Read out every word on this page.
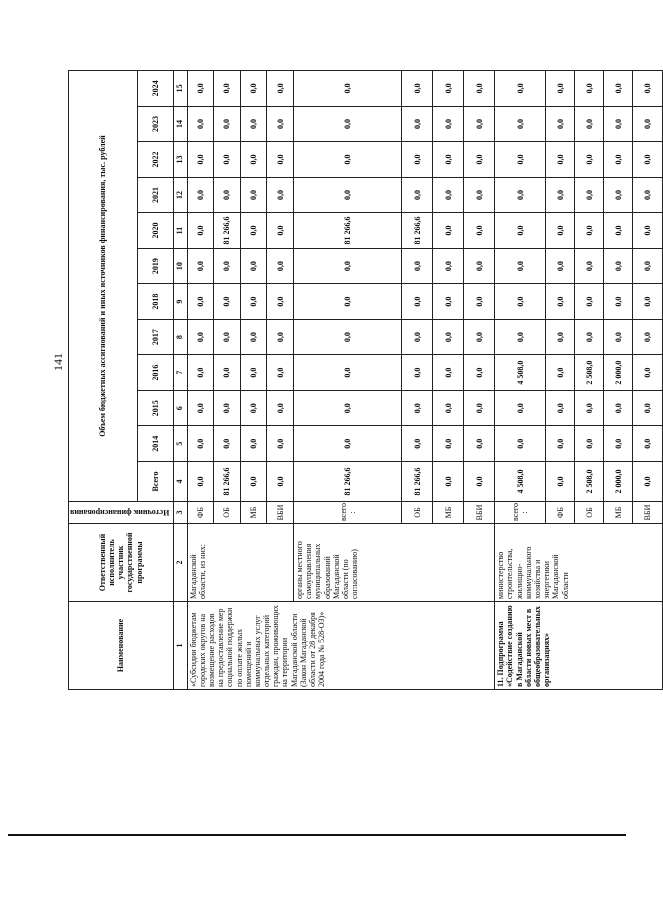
141
Наименование	Ответственный исполнитель участник государственной программы	Источник финансирования	Объем бюджетных ассигнований и иных источников финансирования, тыс. рублей											
			Всего	2014	2015	2016	2017	2018	2019	2020	2021	2022	2023	2024
1	2	3	4	5	6	7	8	9	10	11	12	13	14	15
«Субсидии бюджетам городских округов на возмещение расходов на предоставление мер социальной поддержки по оплате жилых помещений и коммунальных услуг отдельных категорий граждан, проживающих на территории Магаданской области (Закон Магаданской области от 28 декабря 2004 года № 528-ОЗ)»	Магаданской области, из них:	ФБ	0,0	0,0	0,0	0,0	0,0	0,0	0,0	0,0	0,0	0,0	0,0	0,0
		ОБ	81 266,6	0,0	0,0	0,0	0,0	0,0	0,0	81 266,6	0,0	0,0	0,0	0,0
		МБ	0,0	0,0	0,0	0,0	0,0	0,0	0,0	0,0	0,0	0,0	0,0	0,0
		ВБИ	0,0	0,0	0,0	0,0	0,0	0,0	0,0	0,0	0,0	0,0	0,0	0,0
	органы местного самоуправления муниципальных образований Магаданской области (по согласованию)	всего :	81 266,6	0,0	0,0	0,0	0,0	0,0	0,0	81 266,6	0,0	0,0	0,0	0,0
		ОБ	81 266,6	0,0	0,0	0,0	0,0	0,0	0,0	81 266,6	0,0	0,0	0,0	0,0
		МБ	0,0	0,0	0,0	0,0	0,0	0,0	0,0	0,0	0,0	0,0	0,0	0,0
		ВБИ	0,0	0,0	0,0	0,0	0,0	0,0	0,0	0,0	0,0	0,0	0,0	0,0
11. Подпрограмма «Содействие созданию в Магаданской области новых мест в общеобразовательных организациях»	министерство строительства, жилищно-коммунального хозяйства и энергетики Магаданской области	всего :	4 508,0	0,0	0,0	4 508,0	0,0	0,0	0,0	0,0	0,0	0,0	0,0	0,0
		ФБ	0,0	0,0	0,0	0,0	0,0	0,0	0,0	0,0	0,0	0,0	0,0	0,0
		ОБ	2 508,0	0,0	0,0	2 508,0	0,0	0,0	0,0	0,0	0,0	0,0	0,0	0,0
		МБ	2 000,0	0,0	0,0	2 000,0	0,0	0,0	0,0	0,0	0,0	0,0	0,0	0,0
		ВБИ	0,0	0,0	0,0	0,0	0,0	0,0	0,0	0,0	0,0	0,0	0,0	0,0
